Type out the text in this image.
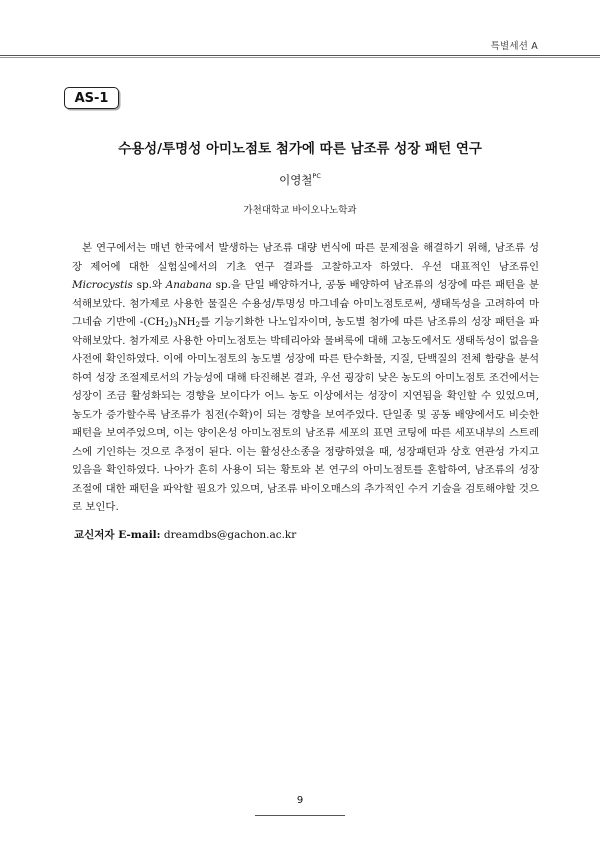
특별세션 A
AS-1
수용성/투명성 아미노점토 첨가에 따른 남조류 성장 패턴 연구
이영철$^{PC}$
가천대학교 바이오나노학과

본 연구에서는 매년 한국에서 발생하는 남조류 대량 번식에 따른 문제점을 해결하기 위해, 남조류 성장 제어에 대한 실험실에서의 기초 연구 결과를 고찰하고자 하였다. 우선 대표적인 남조류인 Microcystis sp.와 Anabana sp.을 단일 배양하거나, 공동 배양하여 남조류의 성장에 따른 패턴을 분석해보았다. 첨가제로 사용한 물질은 수용성/투명성 마그네슘 아미노점토로써, 생태독성을 고려하여 마그네슘 기반에 $-(CH_2)_3NH_2$를 기능기화한 나노입자이며, 농도별 첨가에 따른 남조류의 성장 패턴을 파악해보았다. 첨가제로 사용한 아미노점토는 박테리아와 물벼룩에 대해 고농도에서도 생태독성이 없음을 사전에 확인하였다. 이에 아미노점토의 농도별 성장에 따른 탄수화물, 지질, 단백질의 전체 함량을 분석하여 성장 조절제로서의 가능성에 대해 타진해본 결과, 우선 굉장히 낮은 농도의 아미노점토 조건에서는 성장이 조금 활성화되는 경향을 보이다가 어느 농도 이상에서는 성장이 지연됨을 확인할 수 있었으며, 농도가 증가할수록 남조류가 침전(수확)이 되는 경향을 보여주었다. 단일종 및 공동 배양에서도 비슷한 패턴을 보여주었으며, 이는 양이온성 아미노점토의 남조류 세포의 표면 코팅에 따른 세포내부의 스트레스에 기인하는 것으로 추정이 된다. 이는 활성산소종을 정량하였을 때, 성장패턴과 상호 연관성 가지고 있음을 확인하였다. 나아가 흔히 사용이 되는 황토와 본 연구의 아미노점토를 혼합하여, 남조류의 성장 조절에 대한 패턴을 파악할 필요가 있으며, 남조류 바이오매스의 추가적인 수거 기술을 검토해야할 것으로 보인다.

교신저자 E-mail: dreamdbs@gachon.ac.kr
9
